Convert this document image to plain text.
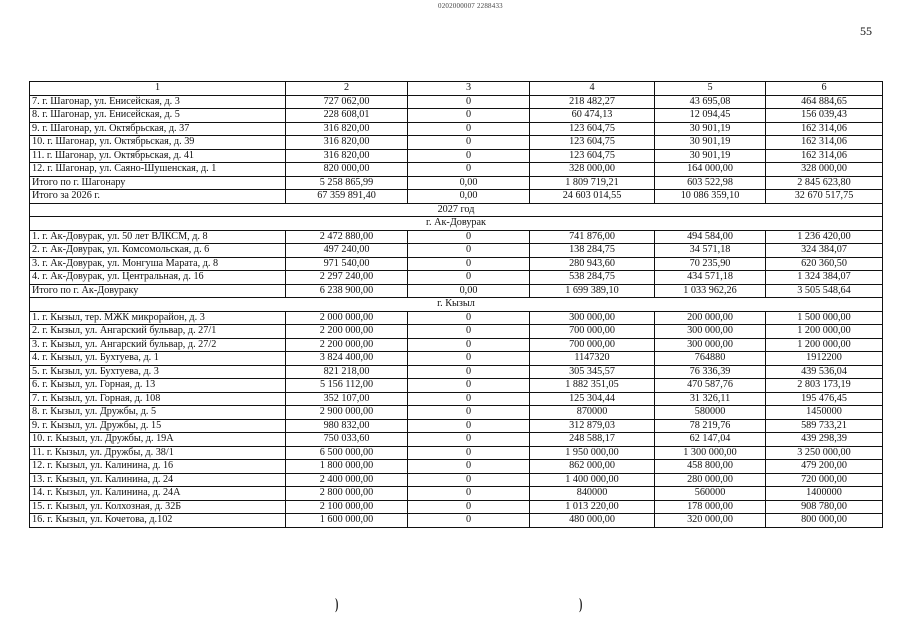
0202000007 2288433
55
1	2	3	4	5	6
7. г. Шагонар, ул. Енисейская, д. 3	727 062,00	0	218 482,27	43 695,08	464 884,65
8. г. Шагонар, ул. Енисейская, д. 5	228 608,01	0	60 474,13	12 094,45	156 039,43
9. г. Шагонар, ул. Октябрьская, д. 37	316 820,00	0	123 604,75	30 901,19	162 314,06
10. г. Шагонар, ул. Октябрьская, д. 39	316 820,00	0	123 604,75	30 901,19	162 314,06
11. г. Шагонар, ул. Октябрьская, д. 41	316 820,00	0	123 604,75	30 901,19	162 314,06
12. г. Шагонар, ул. Саяно-Шушенская, д. 1	820 000,00	0	328 000,00	164 000,00	328 000,00
Итого по г. Шагонару	5 258 865,99	0,00	1 809 719,21	603 522,98	2 845 623,80
Итого за 2026 г.	67 359 891,40	0,00	24 603 014,55	10 086 359,10	32 670 517,75
2027 год					
г. Ак-Довурак					
1. г. Ак-Довурак, ул. 50 лет ВЛКСМ, д. 8	2 472 880,00	0	741 876,00	494 584,00	1 236 420,00
2. г. Ак-Довурак, ул. Комсомольская, д. 6	497 240,00	0	138 284,75	34 571,18	324 384,07
3. г. Ак-Довурак, ул. Монгуша Марата, д. 8	971 540,00	0	280 943,60	70 235,90	620 360,50
4. г. Ак-Довурак, ул. Центральная, д. 16	2 297 240,00	0	538 284,75	434 571,18	1 324 384,07
Итого по г. Ак-Довураку	6 238 900,00	0,00	1 699 389,10	1 033 962,26	3 505 548,64
г. Кызыл					
1. г. Кызыл, тер. МЖК микрорайон, д. 3	2 000 000,00	0	300 000,00	200 000,00	1 500 000,00
2. г. Кызыл, ул. Ангарский бульвар, д. 27/1	2 200 000,00	0	700 000,00	300 000,00	1 200 000,00
3. г. Кызыл, ул. Ангарский бульвар, д. 27/2	2 200 000,00	0	700 000,00	300 000,00	1 200 000,00
4. г. Кызыл, ул. Бухтуева, д. 1	3 824 400,00	0	1147320	764880	1912200
5. г. Кызыл, ул. Бухтуева, д. 3	821 218,00	0	305 345,57	76 336,39	439 536,04
6. г. Кызыл, ул. Горная, д. 13	5 156 112,00	0	1 882 351,05	470 587,76	2 803 173,19
7. г. Кызыл, ул. Горная, д. 108	352 107,00	0	125 304,44	31 326,11	195 476,45
8. г. Кызыл, ул. Дружбы, д. 5	2 900 000,00	0	870000	580000	1450000
9. г. Кызыл, ул. Дружбы, д. 15	980 832,00	0	312 879,03	78 219,76	589 733,21
10. г. Кызыл, ул. Дружбы, д. 19А	750 033,60	0	248 588,17	62 147,04	439 298,39
11. г. Кызыл, ул. Дружбы, д. 38/1	6 500 000,00	0	1 950 000,00	1 300 000,00	3 250 000,00
12. г. Кызыл, ул. Калинина, д. 16	1 800 000,00	0	862 000,00	458 800,00	479 200,00
13. г. Кызыл, ул. Калинина, д. 24	2 400 000,00	0	1 400 000,00	280 000,00	720 000,00
14. г. Кызыл, ул. Калинина, д. 24А	2 800 000,00	0	840000	560000	1400000
15. г. Кызыл, ул. Колхозная, д. 32Б	2 100 000,00	0	1 013 220,00	178 000,00	908 780,00
16. г. Кызыл, ул. Кочетова, д.102	1 600 000,00	0	480 000,00	320 000,00	800 000,00
)	)
